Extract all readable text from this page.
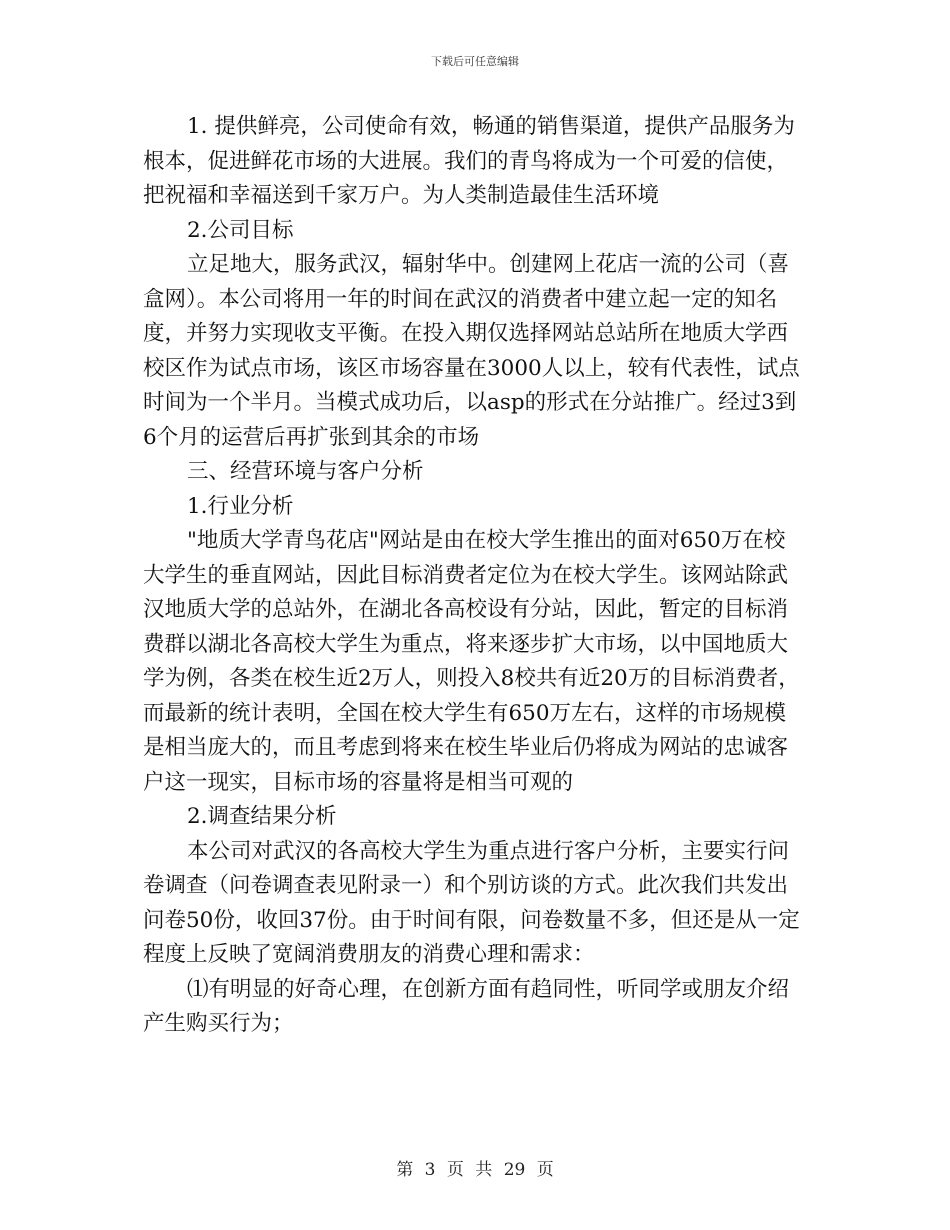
下载后可任意编辑
1. 提供鲜亮，公司使命有效，畅通的销售渠道，提供产品服务为
根本，促进鲜花市场的大进展。我们的青鸟将成为一个可爱的信使，
把祝福和幸福送到千家万户。为人类制造最佳生活环境
2.公司目标
立足地大，服务武汉，辐射华中。创建网上花店一流的公司（喜
盒网）。本公司将用一年的时间在武汉的消费者中建立起一定的知名
度，并努力实现收支平衡。在投入期仅选择网站总站所在地质大学西
校区作为试点市场，该区市场容量在3000人以上，较有代表性，试点
时间为一个半月。当模式成功后，以asp的形式在分站推广。经过3到
6个月的运营后再扩张到其余的市场
三、经营环境与客户分析
1.行业分析
"地质大学青鸟花店"网站是由在校大学生推出的面对650万在校
大学生的垂直网站，因此目标消费者定位为在校大学生。该网站除武
汉地质大学的总站外，在湖北各高校设有分站，因此，暂定的目标消
费群以湖北各高校大学生为重点，将来逐步扩大市场，以中国地质大
学为例，各类在校生近2万人，则投入8校共有近20万的目标消费者，
而最新的统计表明，全国在校大学生有650万左右，这样的市场规模
是相当庞大的，而且考虑到将来在校生毕业后仍将成为网站的忠诚客
户这一现实，目标市场的容量将是相当可观的
2.调查结果分析
本公司对武汉的各高校大学生为重点进行客户分析，主要实行问
卷调查（问卷调查表见附录一）和个别访谈的方式。此次我们共发出
问卷50份，收回37份。由于时间有限，问卷数量不多，但还是从一定
程度上反映了宽阔消费朋友的消费心理和需求：
⑴有明显的好奇心理，在创新方面有趋同性，听同学或朋友介绍
产生购买行为；
第 3 页 共 29 页
